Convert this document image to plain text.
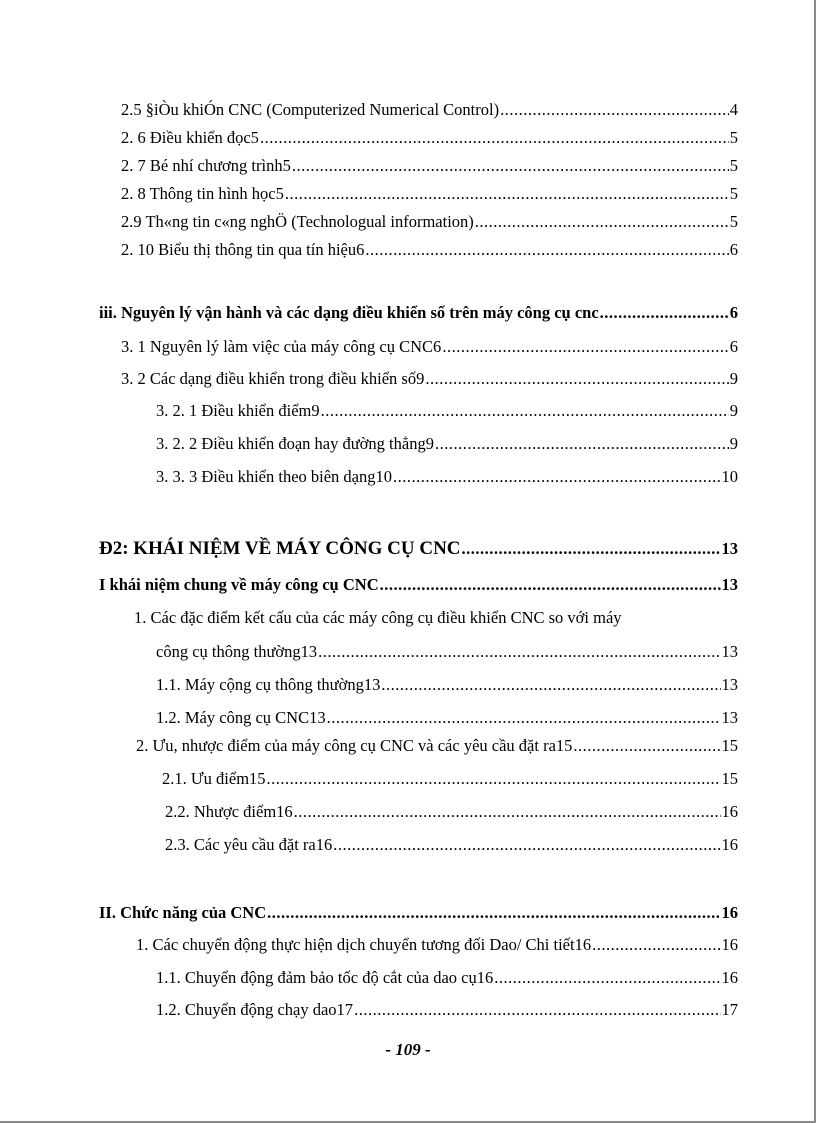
2.5 §iÒu khiÓn CNC (Computerized Numerical Control) .....	4
2. 6 Điều khiển đọc5 .....	5
2. 7 Bé nhí chương trình5 .....	5
2. 8 Thông tin hình học5 .....	5
2.9 Th«ng tin c«ng nghÖ (Technologual information) .....	5
2. 10 Biểu thị thông tin qua tín hiệu6 .....	6
iii. Nguyên lý vận hành và các dạng điều khiển số trên máy công cụ cnc .....	6
3. 1 Nguyên lý làm việc của máy công cụ CNC6 .....	6
3. 2 Các dạng điều khiển trong điều khiển số9 .....	9
3. 2. 1 Điều khiển điểm9 .....	9
3. 2. 2 Điều khiển đoạn hay đường thẳng9 .....	9
3. 3. 3 Điều khiển theo biên dạng10 .....	10
Đ2: KHÁI NIỆM VỀ MÁY CÔNG CỤ CNC .....	13
I khái niệm chung về máy công cụ CNC .....	13
1. Các đặc điểm kết cấu của các máy công cụ điều khiển CNC so với máy
công cụ thông thường13 .....	13
1.1. Máy cộng cụ thông thường13 .....	13
1.2. Máy công cụ CNC13 .....	13
2. Ưu, nhược điểm của máy công cụ CNC và các yêu cầu đặt ra15 .....	15
2.1. Ưu điểm15 .....	15
2.2. Nhược điểm16 .....	16
2.3. Các yêu cầu đặt ra16 .....	16
II. Chức năng của CNC .....	16
1. Các chuyển động thực hiện dịch chuyển tương đối Dao/ Chi tiết16 .....	16
1.1. Chuyển động đảm bảo tốc độ cắt của dao cụ16 .....	16
1.2. Chuyển động chạy dao17 .....	17
- 109 -
